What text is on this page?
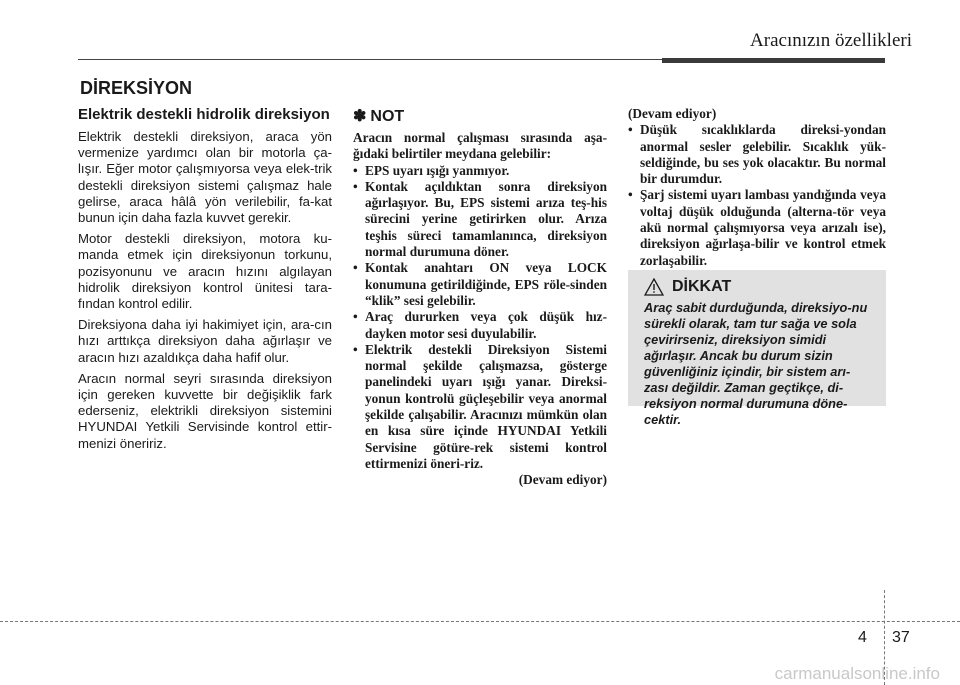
Aracınızın özellikleri
DİREKSİYON
Elektrik destekli hidrolik direksiyon

Elektrik destekli direksiyon, araca yön vermenize yardımcı olan bir motorla ça-lışır. Eğer motor çalışmıyorsa veya elek-trik destekli direksiyon sistemi çalışmaz hale gelirse, araca hâlâ yön verilebilir, fa-kat bunun için daha fazla kuvvet gerekir.

Motor destekli direksiyon, motora ku-manda etmek için direksiyonun torkunu, pozisyonunu ve aracın hızını algılayan hidrolik direksiyon kontrol ünitesi tara-fından kontrol edilir.

Direksiyona daha iyi hakimiyet için, ara-cın hızı arttıkça direksiyon daha ağırlaşır ve aracın hızı azaldıkça daha hafif olur.

Aracın normal seyri sırasında direksiyon için gereken kuvvette bir değişiklik fark ederseniz, elektrikli direksiyon sistemini HYUNDAI Yetkili Servisinde kontrol ettir-menizi öneririz.

✽ NOT

Aracın normal çalışması sırasında aşa-ğıdaki belirtiler meydana gelebilir:

• EPS uyarı ışığı yanmıyor.
• Kontak açıldıktan sonra direksiyon ağırlaşıyor. Bu, EPS sistemi arıza teş-his sürecini yerine getirirken olur. Arıza teşhis süreci tamamlanınca, direksiyon normal durumuna döner.
• Kontak anahtarı ON veya LOCK konumuna getirildiğinde, EPS röle-sinden “klik” sesi gelebilir.
• Araç dururken veya çok düşük hız-dayken motor sesi duyulabilir.
• Elektrik destekli Direksiyon Sistemi normal şekilde çalışmazsa, gösterge panelindeki uyarı ışığı yanar. Direksi-yonun kontrolü güçleşebilir veya anormal şekilde çalışabilir. Aracınızı mümkün olan en kısa süre içinde HYUNDAI Yetkili Servisine götüre-rek sistemi kontrol ettirmenizi öneri-riz.
(Devam ediyor)
(Devam ediyor)
• Düşük sıcaklıklarda direksi-yondan anormal sesler gelebilir. Sıcaklık yük-seldiğinde, bu ses yok olacaktır. Bu normal bir durumdur.
• Şarj sistemi uyarı lambası yandığında veya voltaj düşük olduğunda (alterna-tör veya akü normal çalışmıyorsa veya arızalı ise), direksiyon ağırlaşa-bilir ve kontrol etmek zorlaşabilir.
DİKKAT

Araç sabit durduğunda, direksiyo-nu sürekli olarak, tam tur sağa ve sola çevirirseniz, direksiyon simidi ağırlaşır. Ancak bu durum sizin güvenliğiniz içindir, bir sistem arı-zası değildir. Zaman geçtikçe, di-reksiyon normal durumuna döne-cektir.

4 37
carmanualsonline.info
